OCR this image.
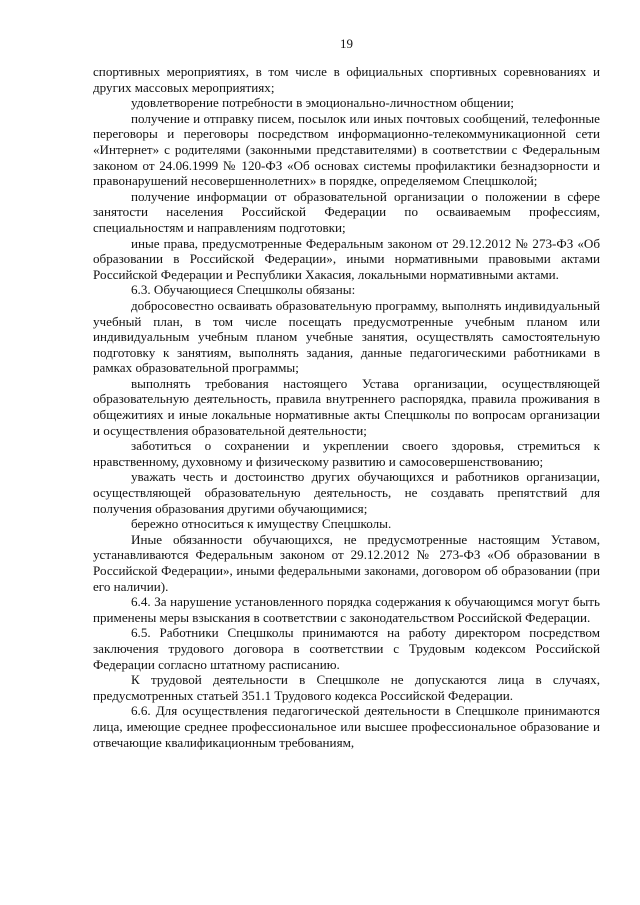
19

спортивных мероприятиях, в том числе в официальных спортивных соревнованиях и других массовых мероприятиях;

удовлетворение потребности в эмоционально-личностном общении;

получение и отправку писем, посылок или иных почтовых сообщений, телефонные переговоры и переговоры посредством информационно-телекоммуникационной сети «Интернет» с родителями (законными представителями) в соответствии с Федеральным законом от 24.06.1999 № 120-ФЗ «Об основах системы профилактики безнадзорности и правонарушений несовершеннолетних» в порядке, определяемом Спецшколой;

получение информации от образовательной организации о положении в сфере занятости населения Российской Федерации по осваиваемым профессиям, специальностям и направлениям подготовки;

иные права, предусмотренные Федеральным законом от 29.12.2012 № 273-ФЗ «Об образовании в Российской Федерации», иными нормативными правовыми актами Российской Федерации и Республики Хакасия, локальными нормативными актами.

6.3. Обучающиеся Спецшколы обязаны:

добросовестно осваивать образовательную программу, выполнять индивидуальный учебный план, в том числе посещать предусмотренные учебным планом или индивидуальным учебным планом учебные занятия, осуществлять самостоятельную подготовку к занятиям, выполнять задания, данные педагогическими работниками в рамках образовательной программы;

выполнять требования настоящего Устава организации, осуществляющей образовательную деятельность, правила внутреннего распорядка, правила проживания в общежитиях и иные локальные нормативные акты Спецшколы по вопросам организации и осуществления образовательной деятельности;

заботиться о сохранении и укреплении своего здоровья, стремиться к нравственному, духовному и физическому развитию и самосовершенствованию;

уважать честь и достоинство других обучающихся и работников организации, осуществляющей образовательную деятельность, не создавать препятствий для получения образования другими обучающимися;

бережно относиться к имуществу Спецшколы.

Иные обязанности обучающихся, не предусмотренные настоящим Уставом, устанавливаются Федеральным законом от 29.12.2012 № 273-ФЗ «Об образовании в Российской Федерации», иными федеральными законами, договором об образовании (при его наличии).

6.4. За нарушение установленного порядка содержания к обучающимся могут быть применены меры взыскания в соответствии с законодательством Российской Федерации.

6.5. Работники Спецшколы принимаются на работу директором посредством заключения трудового договора в соответствии с Трудовым кодексом Российской Федерации согласно штатному расписанию.

К трудовой деятельности в Спецшколе не допускаются лица в случаях, предусмотренных статьей 351.1 Трудового кодекса Российской Федерации.

6.6. Для осуществления педагогической деятельности в Спецшколе принимаются лица, имеющие среднее профессиональное или высшее профессиональное образование и отвечающие квалификационным требованиям,
